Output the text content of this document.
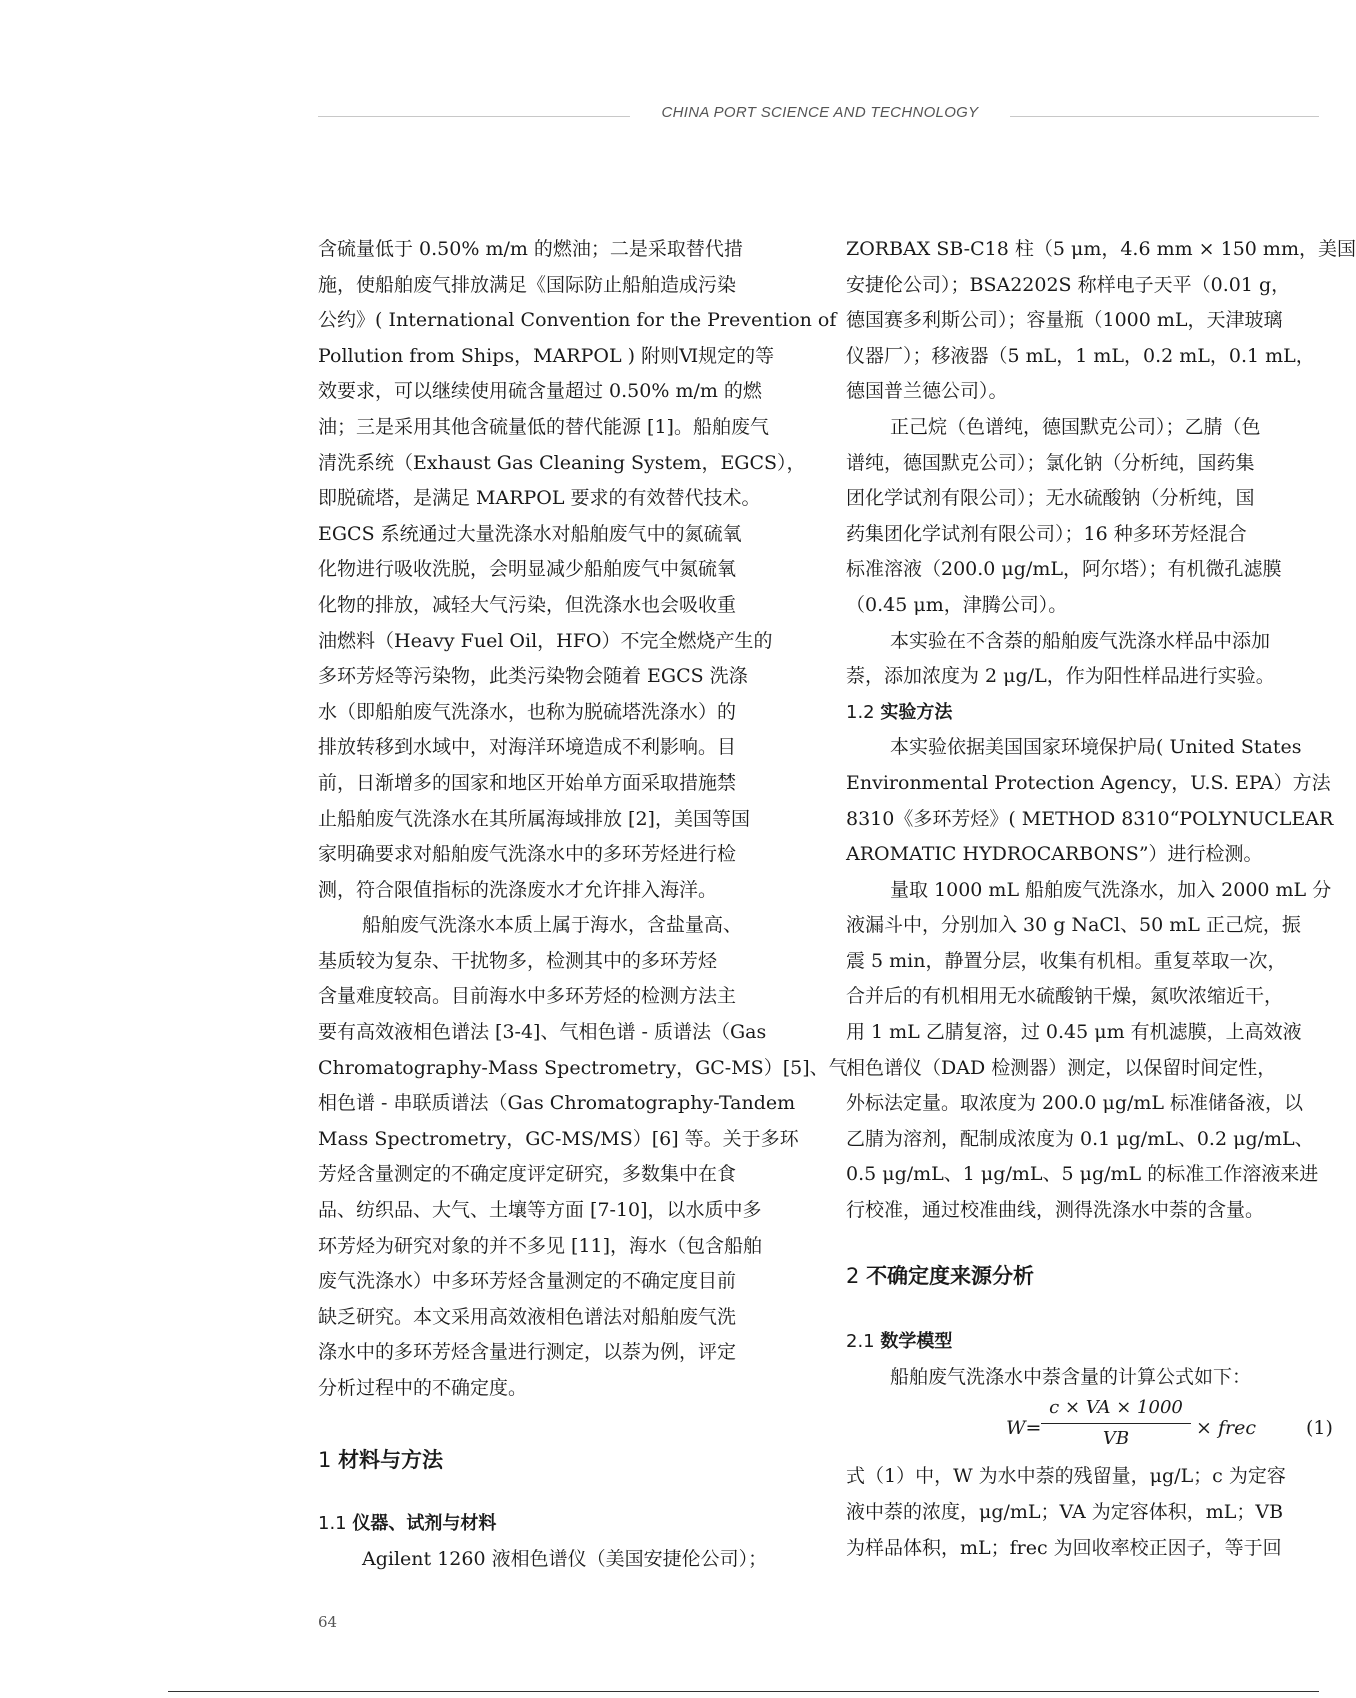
CHINA PORT SCIENCE AND TECHNOLOGY
含硫量低于 0.50% m/m 的燃油；二是采取替代措
施，使船舶废气排放满足《国际防止船舶造成污染
公约》( International Convention for the Prevention of
Pollution from Ships，MARPOL ) 附则Ⅵ规定的等
效要求，可以继续使用硫含量超过 0.50% m/m 的燃
油；三是采用其他含硫量低的替代能源 [1]。船舶废气
清洗系统（Exhaust Gas Cleaning System，EGCS），
即脱硫塔，是满足 MARPOL 要求的有效替代技术。
EGCS 系统通过大量洗涤水对船舶废气中的氮硫氧
化物进行吸收洗脱，会明显减少船舶废气中氮硫氧
化物的排放，减轻大气污染，但洗涤水也会吸收重
油燃料（Heavy Fuel Oil，HFO）不完全燃烧产生的
多环芳烃等污染物，此类污染物会随着 EGCS 洗涤
水（即船舶废气洗涤水，也称为脱硫塔洗涤水）的
排放转移到水域中，对海洋环境造成不利影响。目
前，日渐增多的国家和地区开始单方面采取措施禁
止船舶废气洗涤水在其所属海域排放 [2]，美国等国
家明确要求对船舶废气洗涤水中的多环芳烃进行检
测，符合限值指标的洗涤废水才允许排入海洋。
船舶废气洗涤水本质上属于海水，含盐量高、
基质较为复杂、干扰物多，检测其中的多环芳烃
含量难度较高。目前海水中多环芳烃的检测方法主
要有高效液相色谱法 [3-4]、气相色谱 - 质谱法（Gas
Chromatography-Mass Spectrometry，GC-MS）[5]、气
相色谱 - 串联质谱法（Gas Chromatography-Tandem
Mass Spectrometry，GC-MS/MS）[6] 等。关于多环
芳烃含量测定的不确定度评定研究，多数集中在食
品、纺织品、大气、土壤等方面 [7-10]，以水质中多
环芳烃为研究对象的并不多见 [11]，海水（包含船舶
废气洗涤水）中多环芳烃含量测定的不确定度目前
缺乏研究。本文采用高效液相色谱法对船舶废气洗
涤水中的多环芳烃含量进行测定，以萘为例，评定
分析过程中的不确定度。
1 材料与方法
1.1 仪器、试剂与材料
Agilent 1260 液相色谱仪（美国安捷伦公司）；
ZORBAX SB-C18 柱（5 μm，4.6 mm × 150 mm，美国
安捷伦公司）；BSA2202S 称样电子天平（0.01 g，
德国赛多利斯公司）；容量瓶（1000 mL，天津玻璃
仪器厂）；移液器（5 mL，1 mL，0.2 mL，0.1 mL，
德国普兰德公司）。
正己烷（色谱纯，德国默克公司）；乙腈（色
谱纯，德国默克公司）；氯化钠（分析纯，国药集
团化学试剂有限公司）；无水硫酸钠（分析纯，国
药集团化学试剂有限公司）；16 种多环芳烃混合
标准溶液（200.0 μg/mL，阿尔塔）；有机微孔滤膜
（0.45 μm，津腾公司）。
本实验在不含萘的船舶废气洗涤水样品中添加
萘，添加浓度为 2 μg/L，作为阳性样品进行实验。
1.2 实验方法
本实验依据美国国家环境保护局( United States
Environmental Protection Agency，U.S. EPA）方法
8310《多环芳烃》( METHOD 8310“POLYNUCLEAR
AROMATIC HYDROCARBONS”）进行检测。
量取 1000 mL 船舶废气洗涤水，加入 2000 mL 分
液漏斗中，分别加入 30 g NaCl、50 mL 正己烷，振
震 5 min，静置分层，收集有机相。重复萃取一次，
合并后的有机相用无水硫酸钠干燥，氮吹浓缩近干，
用 1 mL 乙腈复溶，过 0.45 μm 有机滤膜，上高效液
相色谱仪（DAD 检测器）测定，以保留时间定性，
外标法定量。取浓度为 200.0 μg/mL 标准储备液，以
乙腈为溶剂，配制成浓度为 0.1 μg/mL、0.2 μg/mL、
0.5 μg/mL、1 μg/mL、5 μg/mL 的标准工作溶液来进
行校准，通过校准曲线，测得洗涤水中萘的含量。
2 不确定度来源分析
2.1 数学模型
船舶废气洗涤水中萘含量的计算公式如下：
W=
c × VA × 1000
VB	× frec	(1)
式（1）中，W 为水中萘的残留量，μg/L；c 为定容
液中萘的浓度，μg/mL；VA 为定容体积，mL；VB
为样品体积，mL；frec 为回收率校正因子，等于回
64
